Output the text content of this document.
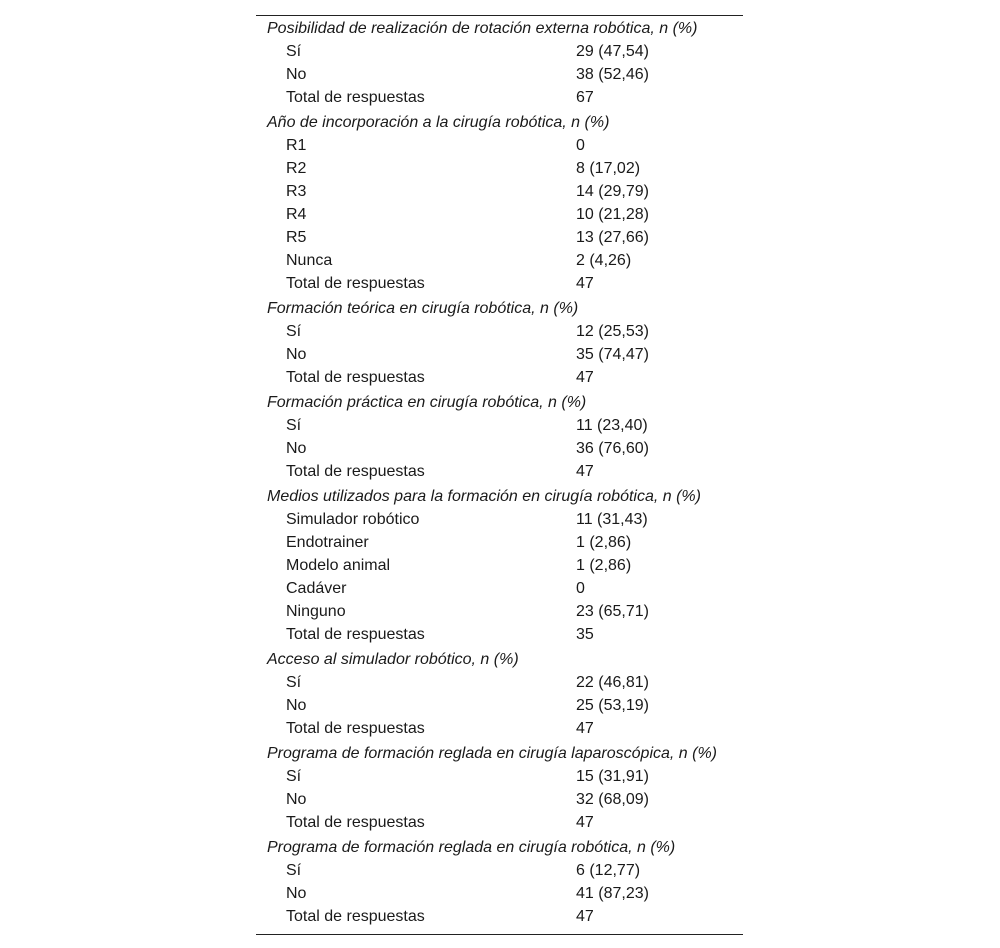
Posibilidad de realización de rotación externa robótica, n (%)
Sí	29 (47,54)
No	38 (52,46)
Total de respuestas	67
Año de incorporación a la cirugía robótica, n (%)
R1	0
R2	8 (17,02)
R3	14 (29,79)
R4	10 (21,28)
R5	13 (27,66)
Nunca	2 (4,26)
Total de respuestas	47
Formación teórica en cirugía robótica, n (%)
Sí	12 (25,53)
No	35 (74,47)
Total de respuestas	47
Formación práctica en cirugía robótica, n (%)
Sí	11 (23,40)
No	36 (76,60)
Total de respuestas	47
Medios utilizados para la formación en cirugía robótica, n (%)
Simulador robótico	11 (31,43)
Endotrainer	1 (2,86)
Modelo animal	1 (2,86)
Cadáver	0
Ninguno	23 (65,71)
Total de respuestas	35
Acceso al simulador robótico, n (%)
Sí	22 (46,81)
No	25 (53,19)
Total de respuestas	47
Programa de formación reglada en cirugía laparoscópica, n (%)
Sí	15 (31,91)
No	32 (68,09)
Total de respuestas	47
Programa de formación reglada en cirugía robótica, n (%)
Sí	6 (12,77)
No	41 (87,23)
Total de respuestas	47
